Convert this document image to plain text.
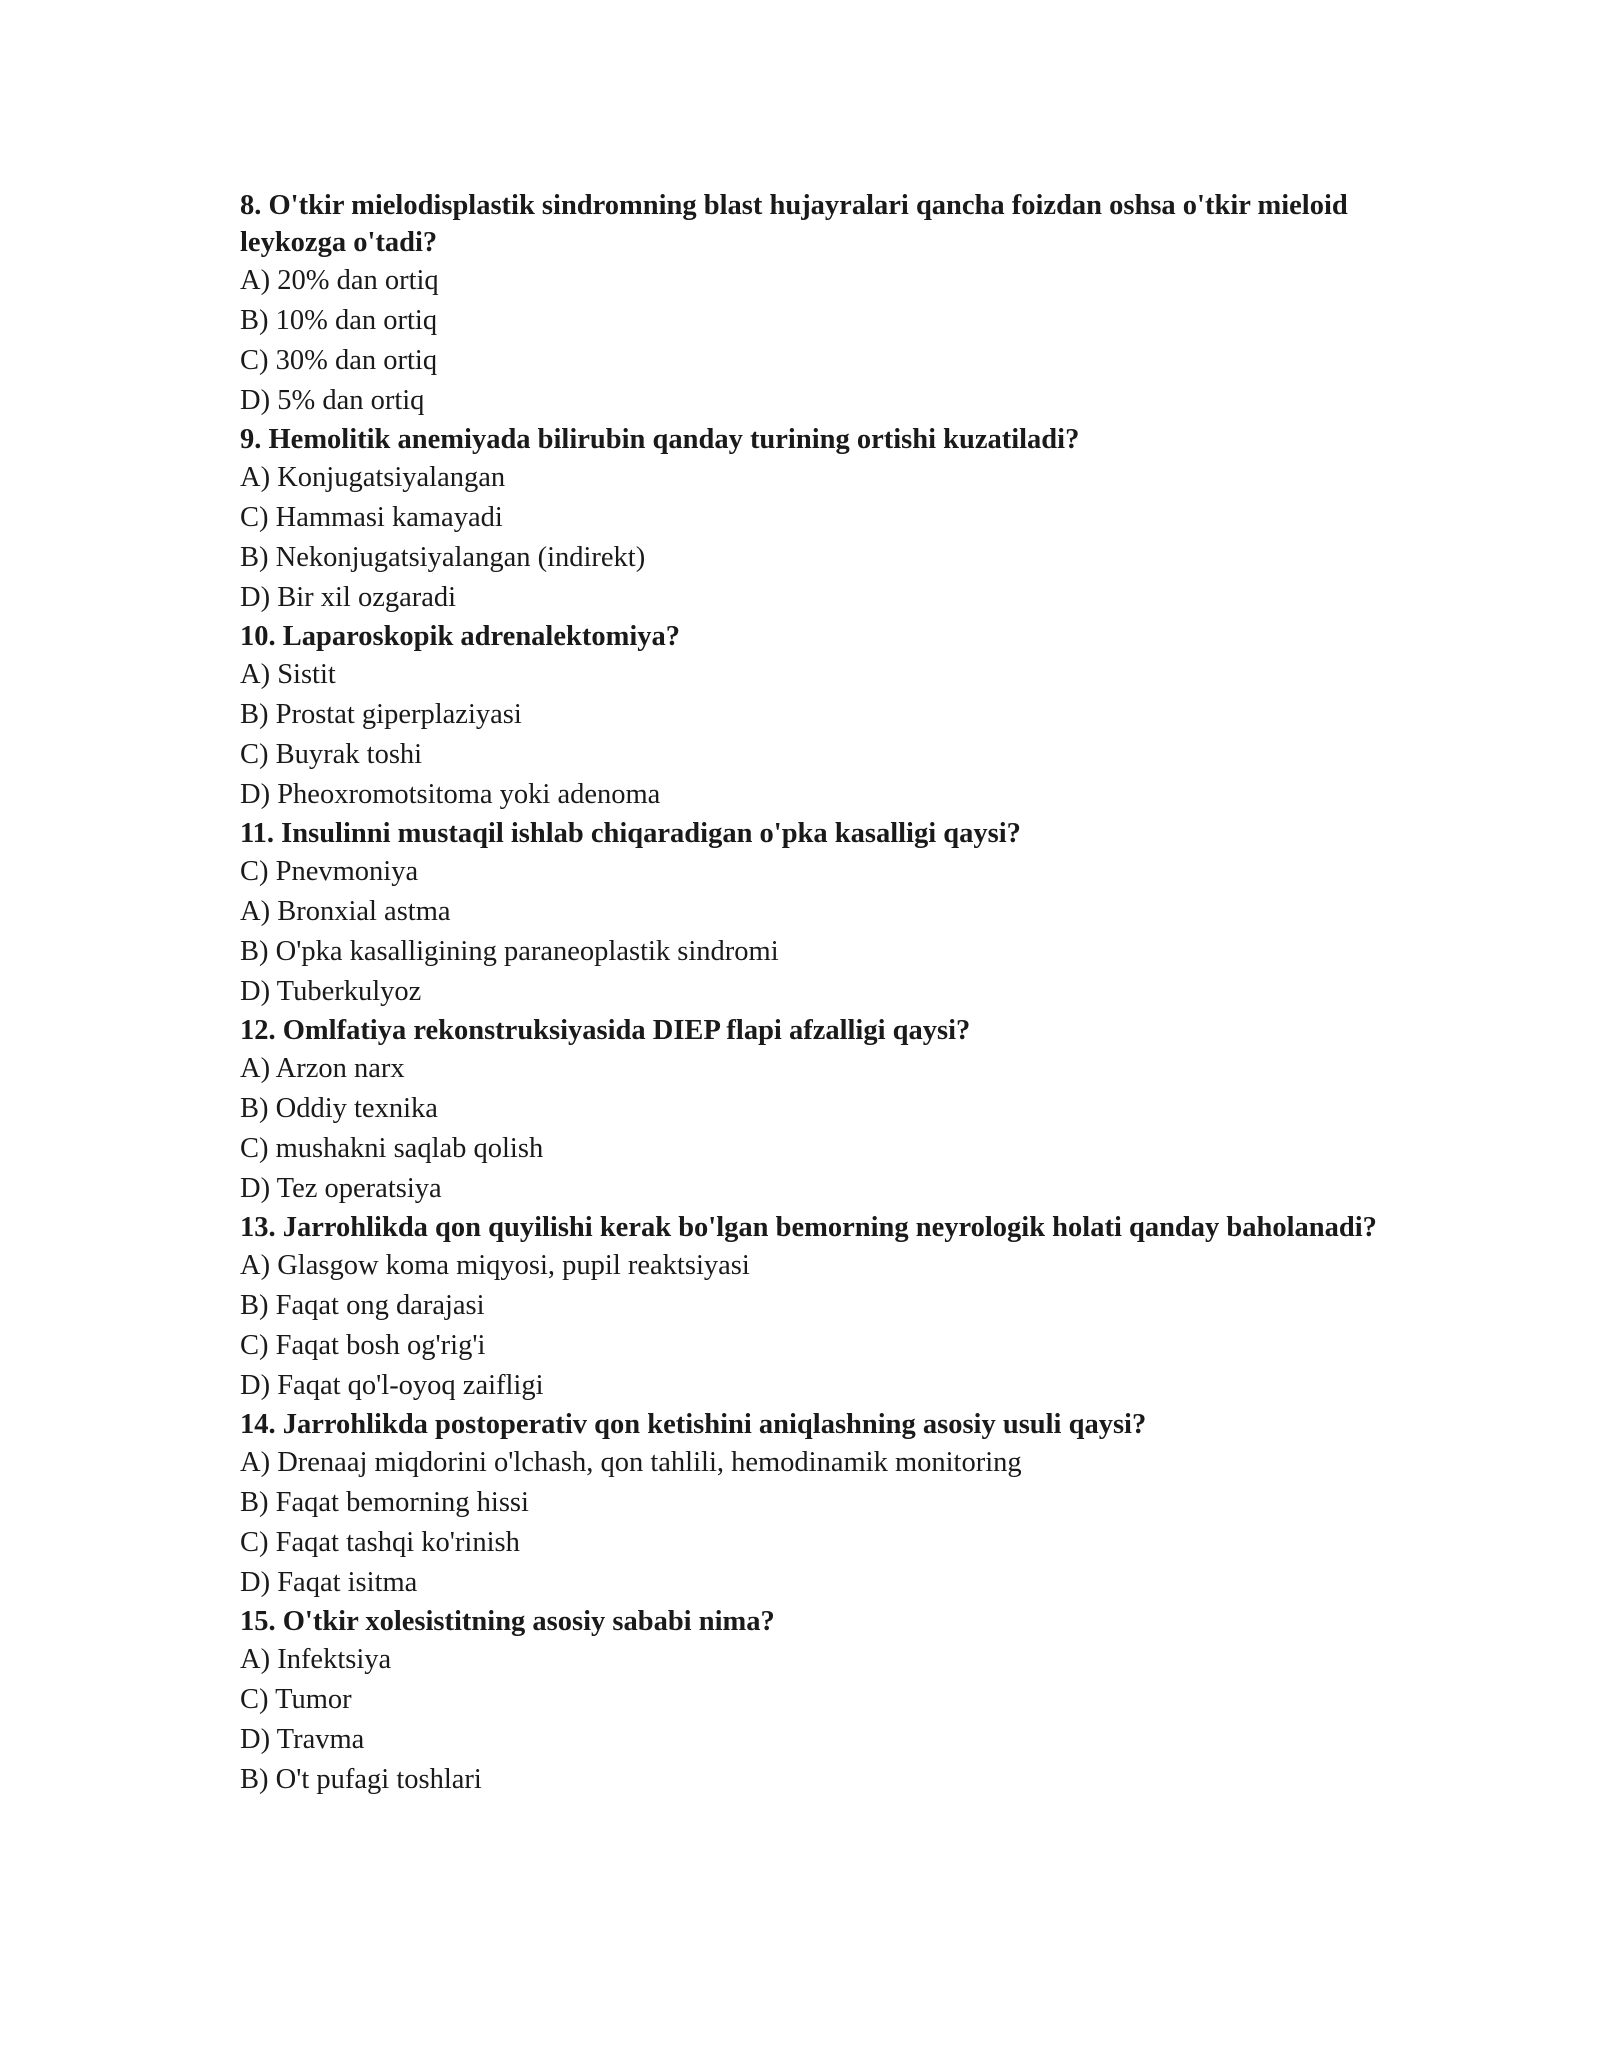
8. O'tkir mielodisplastik sindromning blast hujayralari qancha foizdan oshsa o'tkir mieloid leykozga o'tadi?

A) 20% dan ortiq

B) 10% dan ortiq

C) 30% dan ortiq

D) 5% dan ortiq

9. Hemolitik anemiyada bilirubin qanday turining ortishi kuzatiladi?

A) Konjugatsiyalangan

C) Hammasi kamayadi

B) Nekonjugatsiyalangan (indirekt)

D) Bir xil ozgaradi

10. Laparoskopik adrenalektomiya?

A) Sistit

B) Prostat giperplaziyasi

C) Buyrak toshi

D) Pheoxromotsitoma yoki adenoma

11. Insulinni mustaqil ishlab chiqaradigan o'pka kasalligi qaysi?

C) Pnevmoniya

A) Bronxial astma

B) O'pka kasalligining paraneoplastik sindromi

D) Tuberkulyoz

12. Omlfatiya rekonstruksiyasida DIEP flapi afzalligi qaysi?

A) Arzon narx

B) Oddiy texnika

C) mushakni saqlab qolish

D) Tez operatsiya

13. Jarrohlikda qon quyilishi kerak bo'lgan bemorning neyrologik holati qanday baholanadi?

A) Glasgow koma miqyosi, pupil reaktsiyasi

B) Faqat ong darajasi

C) Faqat bosh og'rig'i

D) Faqat qo'l-oyoq zaifligi

14. Jarrohlikda postoperativ qon ketishini aniqlashning asosiy usuli qaysi?

A) Drenaaj miqdorini o'lchash, qon tahlili, hemodinamik monitoring

B) Faqat bemorning hissi

C) Faqat tashqi ko'rinish

D) Faqat isitma

15. O'tkir xolesistitning asosiy sababi nima?

A) Infektsiya

C) Tumor

D) Travma

B) O't pufagi toshlari
